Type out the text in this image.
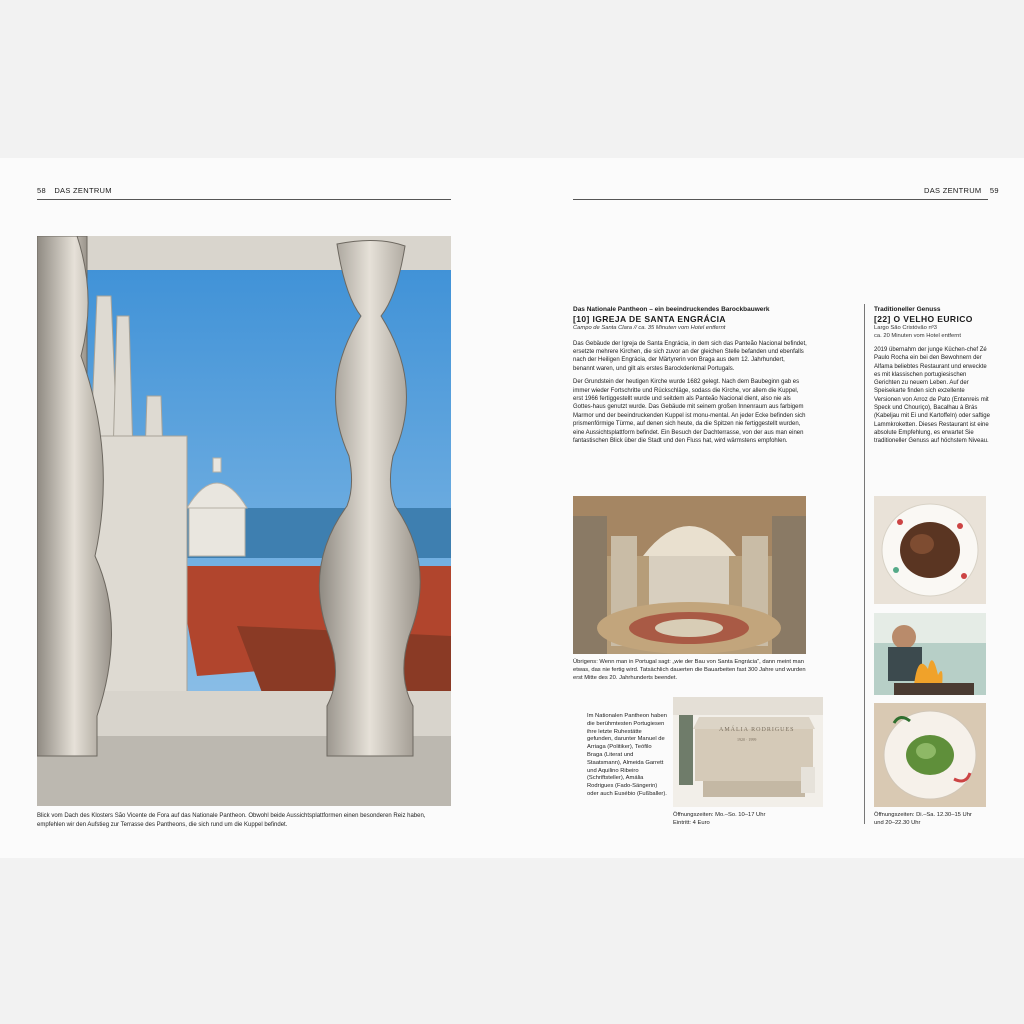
58 DAS ZENTRUM
Blick vom Dach des Klosters São Vicente de Fora auf das Nationale Pantheon. Obwohl beide Aussichtsplattformen einen besonderen Reiz haben, empfehlen wir den Aufstieg zur Terrasse des Pantheons, die sich rund um die Kuppel befindet.
DAS ZENTRUM 59
Das Nationale Pantheon – ein beeindruckendes Barockbauwerk
[10] IGREJA DE SANTA ENGRÁCIA
Campo de Santa Clara // ca. 35 Minuten vom Hotel entfernt

Das Gebäude der Igreja de Santa Engrácia, in dem sich das Panteão Nacional befindet, ersetzte mehrere Kirchen, die sich zuvor an der gleichen Stelle befanden und ebenfalls nach der Heiligen Engrácia, der Märtyrerin von Braga aus dem 12. Jahrhundert, benannt waren, und gilt als erstes Barockdenkmal Portugals.

Der Grundstein der heutigen Kirche wurde 1682 gelegt. Nach dem Baubeginn gab es immer wieder Fortschritte und Rückschläge, sodass die Kirche, vor allem die Kuppel, erst 1966 fertiggestellt wurde und seitdem als Panteão Nacional dient, also nie als Gottes-haus genutzt wurde. Das Gebäude mit seinem großen Innenraum aus farbigem Marmor und der beeindruckenden Kuppel ist monu-mental. An jeder Ecke befinden sich prismenförmige Türme, auf denen sich heute, da die Spitzen nie fertiggestellt wurden, eine Aussichtsplattform befindet. Ein Besuch der Dachterrasse, von der aus man einen fantastischen Blick über die Stadt und den Fluss hat, wird wärmstens empfohlen.

Übrigens: Wenn man in Portugal sagt: „wie der Bau von Santa Engrácia“, dann meint man etwas, das nie fertig wird. Tatsächlich dauerten die Bauarbeiten fast 300 Jahre und wurden erst Mitte des 20. Jahrhunderts beendet.
Im Nationalen Pantheon haben die berühmtesten Portugiesen ihre letzte Ruhestätte gefunden, darunter Manuel de Arriaga (Politiker), Teófilo Braga (Literat und Staatsmann), Almeida Garrett und Aquilino Ribeiro (Schriftsteller), Amália Rodrigues (Fado-Sängerin) oder auch Eusébio (Fußballer).
AMÁLIA RODRIGUES
1920 · 1999
Öffnungszeiten: Mo.–So. 10–17 Uhr
Eintritt: 4 Euro
Traditioneller Genuss
[22] O VELHO EURICO
Largo São Cristóvão nº3
ca. 20 Minuten vom Hotel entfernt
2019 übernahm der junge Küchen-chef Zé Paulo Rocha ein bei den Bewohnern der Alfama beliebtes Restaurant und erweckte es mit klassischen portugiesischen Gerichten zu neuem Leben. Auf der Speisekarte finden sich exzellente Versionen von Arroz de Pato (Entenreis mit Speck und Chouriço), Bacalhau à Brás (Kabeljau mit Ei und Kartoffeln) oder saftige Lammkroketten. Dieses Restaurant ist eine absolute Empfehlung, es erwartet Sie traditioneller Genuss auf höchstem Niveau.
Öffnungszeiten: Di.–Sa. 12.30–15 Uhr
und 20–22.30 Uhr
